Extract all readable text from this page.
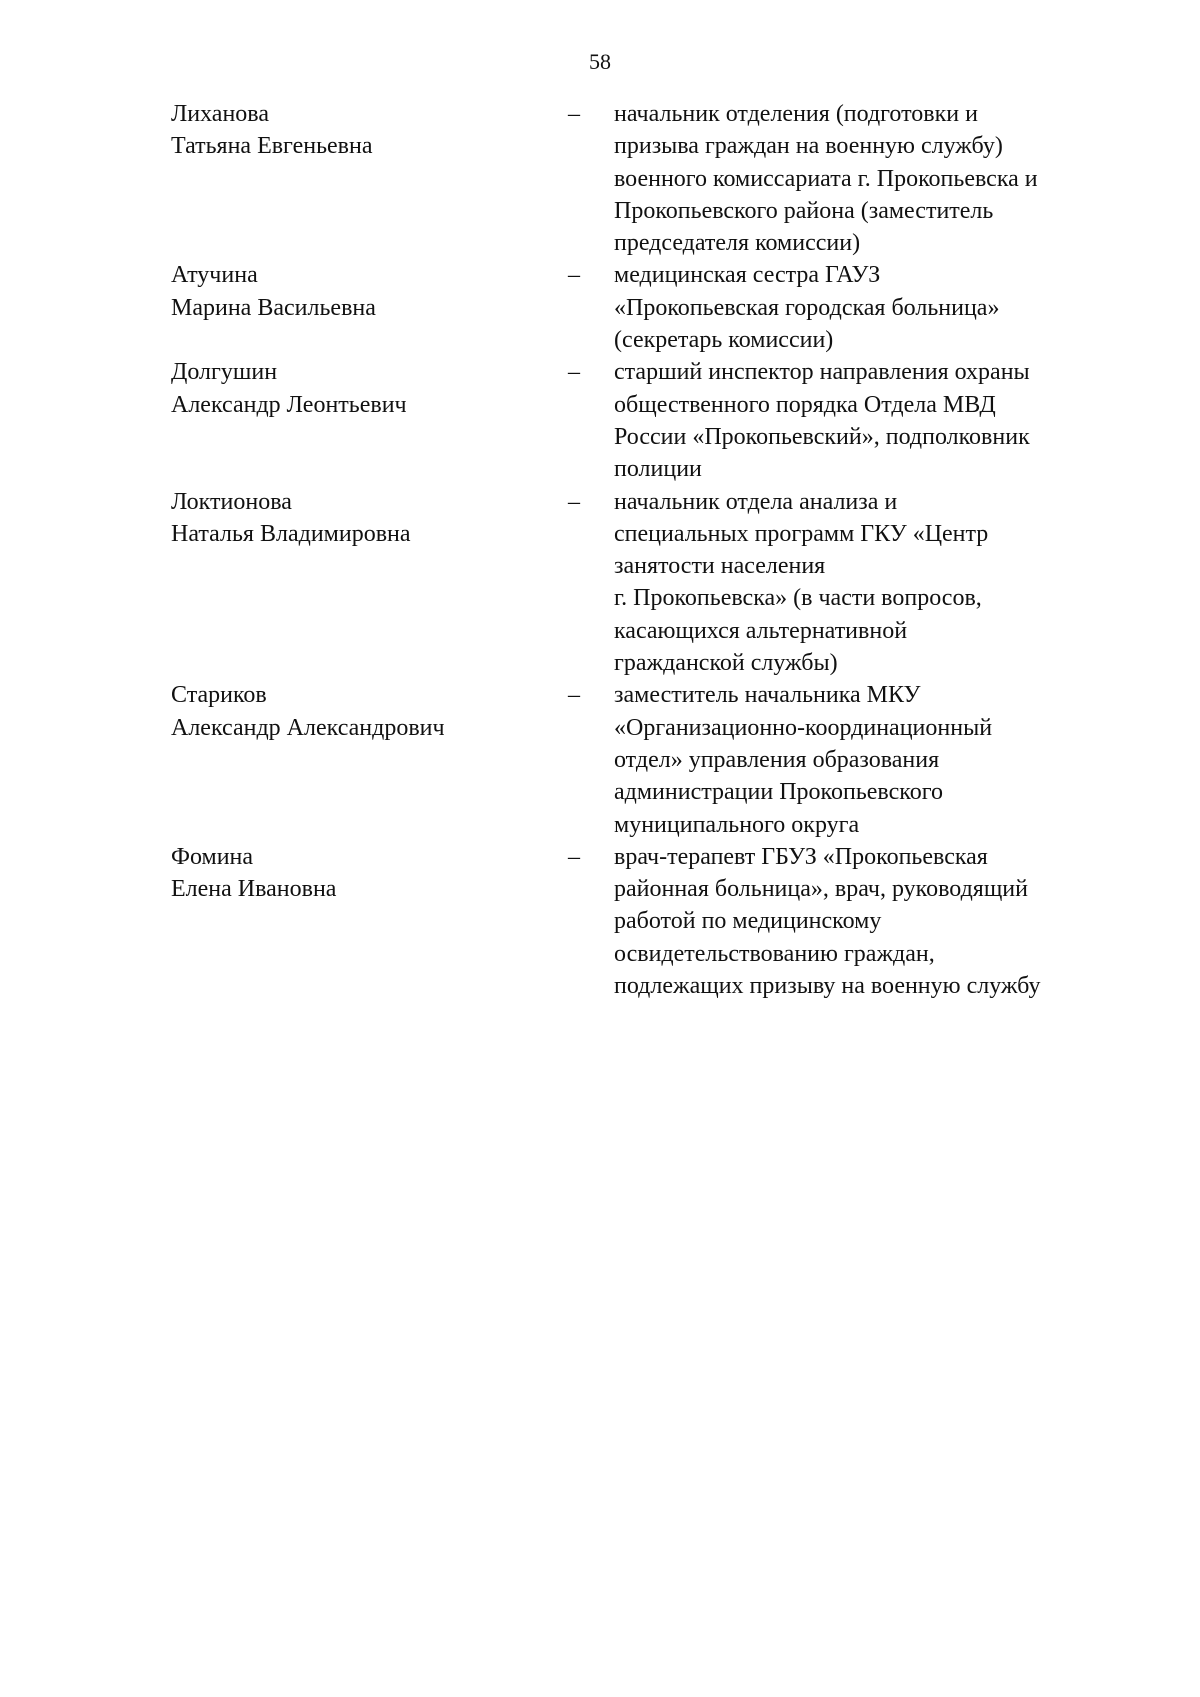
58
Лиханова
Татьяна Евгеньевна
–	начальник отделения (подготовки и
призыва граждан на военную службу)
военного комиссариата г. Прокопьевска и
Прокопьевского района (заместитель
председателя комиссии)
Атучина
Марина Васильевна
–	медицинская сестра ГАУЗ
«Прокопьевская городская больница»
(секретарь комиссии)
Долгушин
Александр Леонтьевич
–	старший инспектор направления охраны
общественного порядка Отдела МВД
России «Прокопьевский», подполковник
полиции
Локтионова
Наталья Владимировна
–	начальник отдела анализа и
специальных программ ГКУ «Центр
занятости населения
г. Прокопьевска» (в части вопросов,
касающихся альтернативной
гражданской службы)
Стариков
Александр Александрович
–	заместитель начальника МКУ
«Организационно-координационный
отдел» управления образования
администрации Прокопьевского
муниципального округа
Фомина
Елена Ивановна
–	врач-терапевт ГБУЗ «Прокопьевская
районная больница», врач, руководящий
работой по медицинскому
освидетельствованию граждан,
подлежащих призыву на военную службу
